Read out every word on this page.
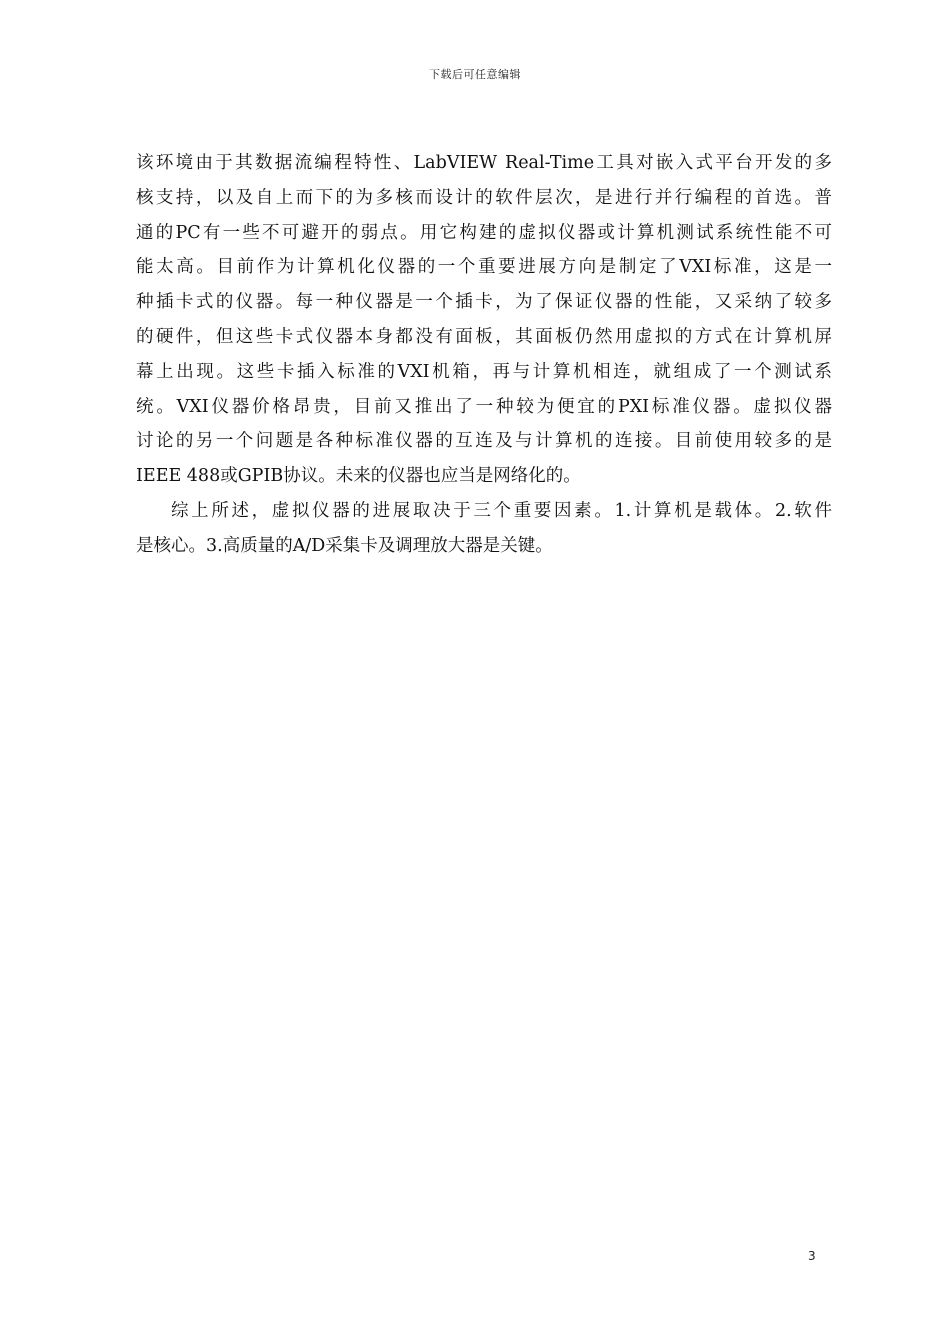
下载后可任意编辑
该环境由于其数据流编程特性、LabVIEW Real-Time工具对嵌入式平台开发的多
核支持，以及自上而下的为多核而设计的软件层次，是进行并行编程的首选。普
通的PC有一些不可避开的弱点。用它构建的虚拟仪器或计算机测试系统性能不可
能太高。目前作为计算机化仪器的一个重要进展方向是制定了VXI标准，这是一
种插卡式的仪器。每一种仪器是一个插卡，为了保证仪器的性能，又采纳了较多
的硬件，但这些卡式仪器本身都没有面板，其面板仍然用虚拟的方式在计算机屏
幕上出现。这些卡插入标准的VXI机箱，再与计算机相连，就组成了一个测试系
统。VXI仪器价格昂贵，目前又推出了一种较为便宜的PXI标准仪器。虚拟仪器
讨论的另一个问题是各种标准仪器的互连及与计算机的连接。目前使用较多的是
IEEE 488或GPIB协议。未来的仪器也应当是网络化的。
综上所述，虚拟仪器的进展取决于三个重要因素。1.计算机是载体。2.软件
是核心。3.高质量的A/D采集卡及调理放大器是关键。
3
